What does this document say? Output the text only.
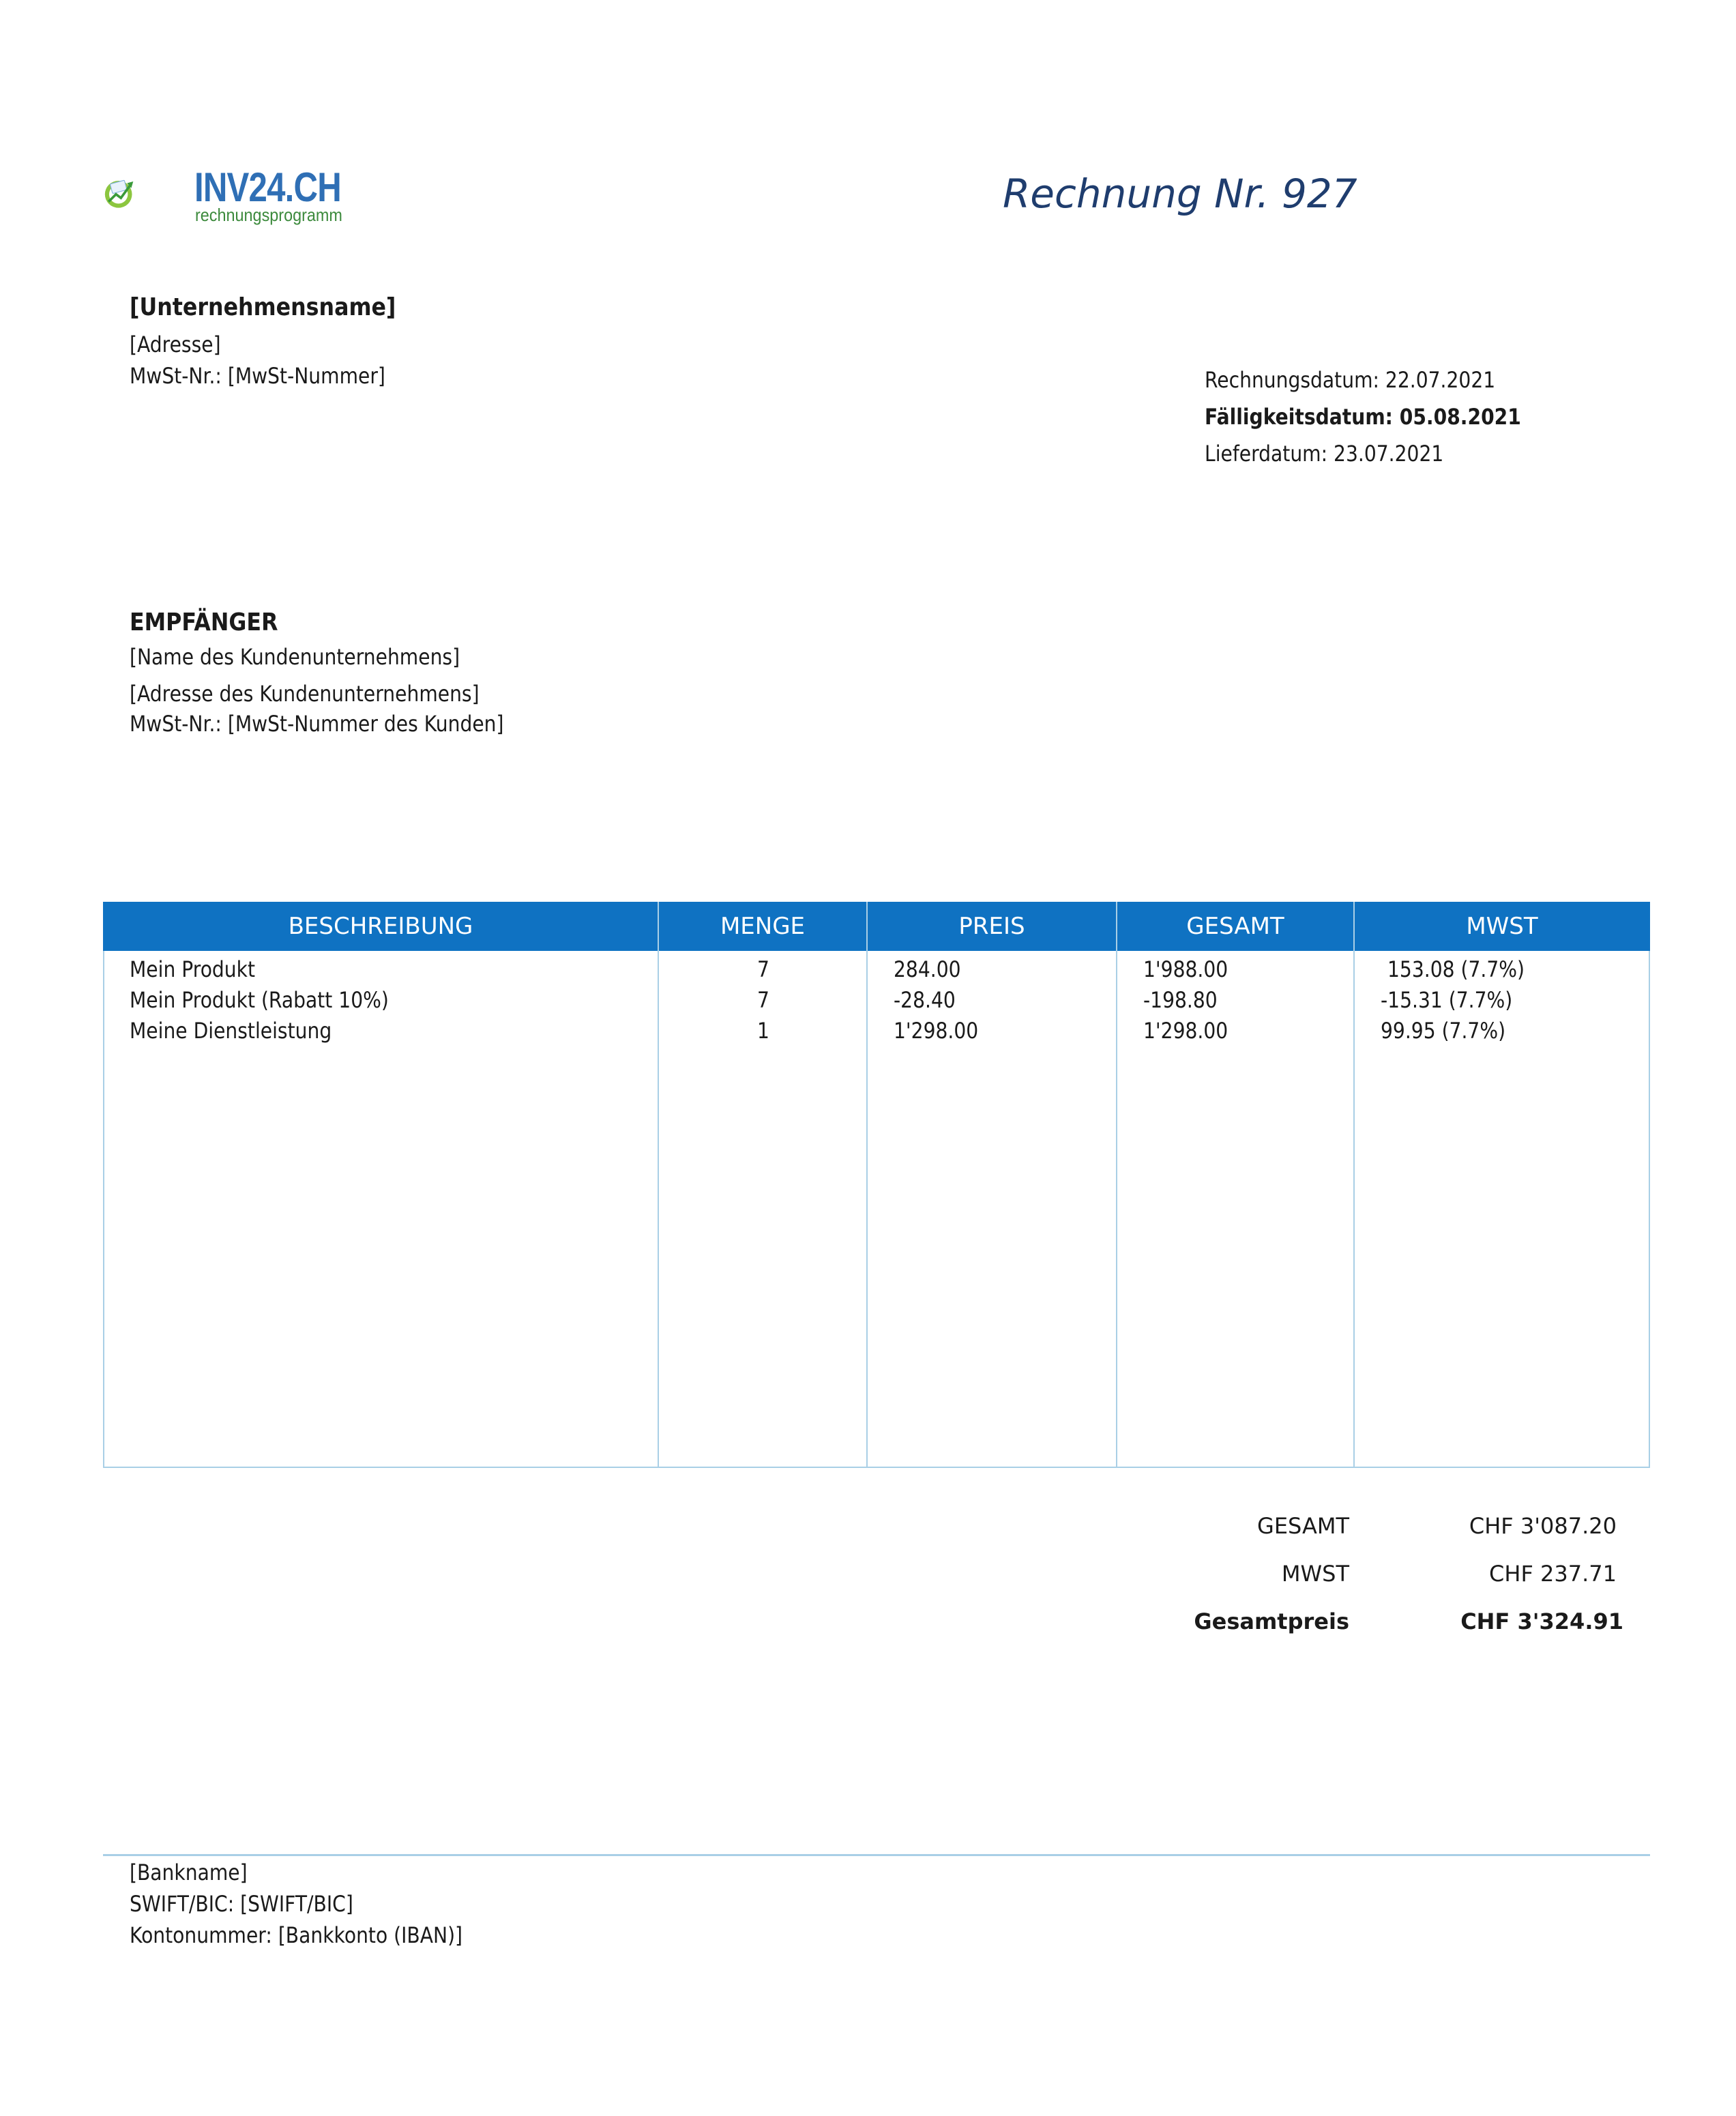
INV24.CH
rechnungsprogramm	Rechnung Nr. 927
[Unternehmensname]
[Adresse]
MwSt-Nr.: [MwSt-Nummer]	Rechnungsdatum: 22.07.2021
Fälligkeitsdatum: 05.08.2021
Lieferdatum: 23.07.2021
EMPFÄNGER
[Name des Kundenunternehmens]
[Adresse des Kundenunternehmens]
MwSt-Nr.: [MwSt-Nummer des Kunden]
BESCHREIBUNG	MENGE	PREIS	GESAMT	MWST
Mein Produkt	7	284.00	1'988.00	153.08 (7.7%)
Mein Produkt (Rabatt 10%)	7	-28.40	-198.80	-15.31 (7.7%)
Meine Dienstleistung	1	1'298.00	1'298.00	99.95 (7.7%)
GESAMT	CHF 3'087.20
MWST	CHF 237.71
Gesamtpreis	CHF 3'324.91
[Bankname]
SWIFT/BIC: [SWIFT/BIC]
Kontonummer: [Bankkonto (IBAN)]
